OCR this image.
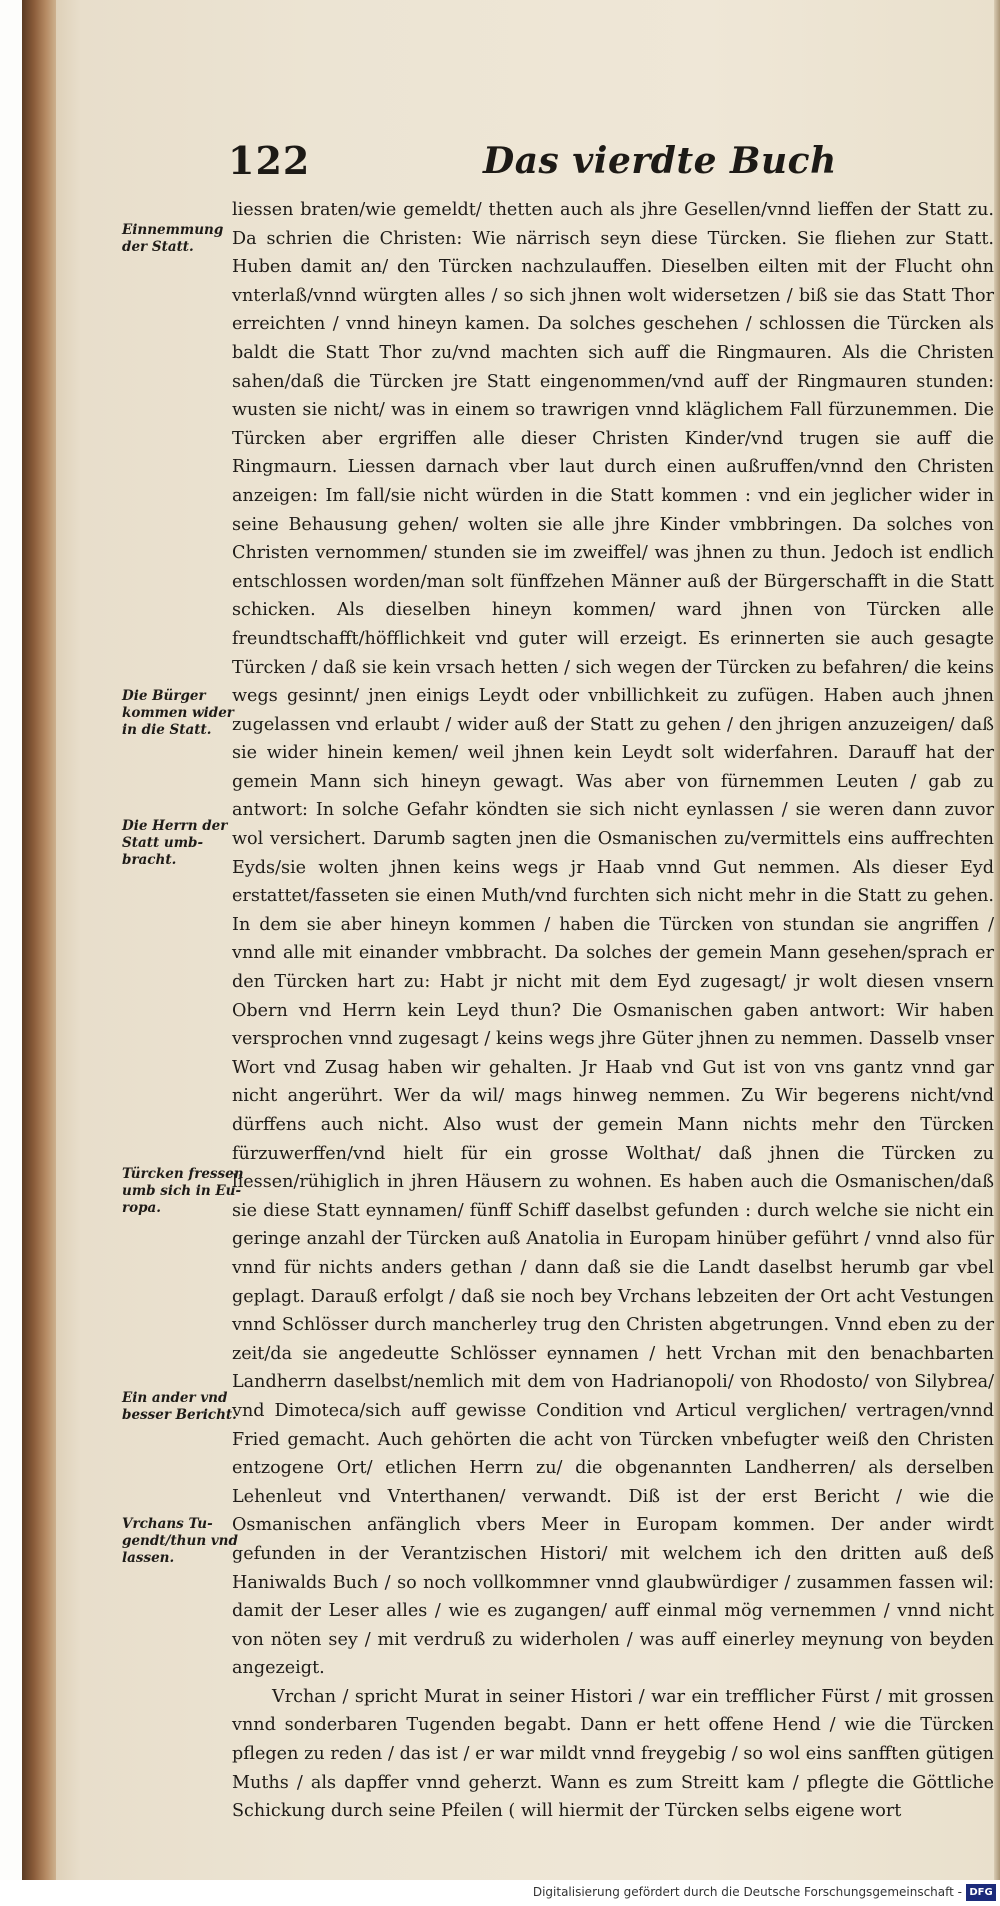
122	Das vierdte Buch
Einnemmung
der Statt.
Die Bürger
kommen wider
in die Statt.
Die Herrn der
Statt umb-
bracht.
Türcken fressen
umb sich in Eu-
ropa.
Ein ander vnd
besser Bericht.
Vrchans Tu-
gendt/thun vnd
lassen.

liessen braten/wie gemeldt/ thetten auch als jhre Gesellen/vnnd lieffen der Statt zu. Da schrien die Christen: Wie närrisch seyn diese Türcken. Sie fliehen zur Statt. Huben damit an/ den Türcken nachzulauffen. Dieselben eilten mit der Flucht ohn vnterlaß/vnnd würgten alles / so sich jhnen wolt widersetzen / biß sie das Statt Thor erreichten / vnnd hineyn kamen. Da solches geschehen / schlossen die Türcken als baldt die Statt Thor zu/vnd machten sich auff die Ringmauren. Als die Christen sahen/daß die Türcken jre Statt eingenommen/vnd auff der Ringmauren stunden: wusten sie nicht/ was in einem so trawrigen vnnd kläglichem Fall fürzunemmen. Die Türcken aber ergriffen alle dieser Christen Kinder/vnd trugen sie auff die Ringmaurn. Liessen darnach vber laut durch einen außruffen/vnnd den Christen anzeigen: Im fall/sie nicht würden in die Statt kommen : vnd ein jeglicher wider in seine Behausung gehen/ wolten sie alle jhre Kinder vmbbringen. Da solches von Christen vernommen/ stunden sie im zweiffel/ was jhnen zu thun. Jedoch ist endlich entschlossen worden/man solt fünffzehen Männer auß der Bürgerschafft in die Statt schicken. Als dieselben hineyn kommen/ ward jhnen von Türcken alle freundtschafft/höfflichkeit vnd guter will erzeigt. Es erinnerten sie auch gesagte Türcken / daß sie kein vrsach hetten / sich wegen der Türcken zu befahren/ die keins wegs gesinnt/ jnen einigs Leydt oder vnbillichkeit zu zufügen. Haben auch jhnen zugelassen vnd erlaubt / wider auß der Statt zu gehen / den jhrigen anzuzeigen/ daß sie wider hinein kemen/ weil jhnen kein Leydt solt widerfahren. Darauff hat der gemein Mann sich hineyn gewagt. Was aber von fürnemmen Leuten / gab zu antwort: In solche Gefahr köndten sie sich nicht eynlassen / sie weren dann zuvor wol versichert. Darumb sagten jnen die Osmanischen zu/vermittels eins auffrechten Eyds/sie wolten jhnen keins wegs jr Haab vnnd Gut nemmen. Als dieser Eyd erstattet/fasseten sie einen Muth/vnd furchten sich nicht mehr in die Statt zu gehen. In dem sie aber hineyn kommen / haben die Türcken von stundan sie angriffen / vnnd alle mit einander vmbbracht. Da solches der gemein Mann gesehen/sprach er den Türcken hart zu: Habt jr nicht mit dem Eyd zugesagt/ jr wolt diesen vnsern Obern vnd Herrn kein Leyd thun? Die Osmanischen gaben antwort: Wir haben versprochen vnnd zugesagt / keins wegs jhre Güter jhnen zu nemmen. Dasselb vnser Wort vnd Zusag haben wir gehalten. Jr Haab vnd Gut ist von vns gantz vnnd gar nicht angerührt. Wer da wil/ mags hinweg nemmen. Zu Wir begerens nicht/vnd dürffens auch nicht. Also wust der gemein Mann nichts mehr den Türcken fürzuwerffen/vnd hielt für ein grosse Wolthat/ daß jhnen die Türcken zu liessen/rühiglich in jhren Häusern zu wohnen. Es haben auch die Osmanischen/daß sie diese Statt eynnamen/ fünff Schiff daselbst gefunden : durch welche sie nicht ein geringe anzahl der Türcken auß Anatolia in Europam hinüber geführt / vnnd also für vnnd für nichts anders gethan / dann daß sie die Landt daselbst herumb gar vbel geplagt. Darauß erfolgt / daß sie noch bey Vrchans lebzeiten der Ort acht Vestungen vnnd Schlösser durch mancherley trug den Christen abgetrungen. Vnnd eben zu der zeit/da sie angedeutte Schlösser eynnamen / hett Vrchan mit den benachbarten Landherrn daselbst/nemlich mit dem von Hadrianopoli/ von Rhodosto/ von Silybrea/ vnd Dimoteca/sich auff gewisse Condition vnd Articul verglichen/ vertragen/vnnd Fried gemacht. Auch gehörten die acht von Türcken vnbefugter weiß den Christen entzogene Ort/ etlichen Herrn zu/ die obgenannten Landherren/ als derselben Lehenleut vnd Vnterthanen/ verwandt. Diß ist der erst Bericht / wie die Osmanischen anfänglich vbers Meer in Europam kommen. Der ander wirdt gefunden in der Verantzischen Histori/ mit welchem ich den dritten auß deß Haniwalds Buch / so noch vollkommner vnnd glaubwürdiger / zusammen fassen wil: damit der Leser alles / wie es zugangen/ auff einmal mög vernemmen / vnnd nicht von nöten sey / mit verdruß zu widerholen / was auff einerley meynung von beyden angezeigt.

Vrchan / spricht Murat in seiner Histori / war ein trefflicher Fürst / mit grossen vnnd sonderbaren Tugenden begabt. Dann er hett offene Hend / wie die Türcken pflegen zu reden / das ist / er war mildt vnnd freygebig / so wol eins sanfften gütigen Muths / als dapffer vnnd geherzt. Wann es zum Streitt kam / pflegte die Göttliche Schickung durch seine Pfeilen ( will hiermit der Türcken selbs eigene wort

Digitalisierung gefördert durch die Deutsche Forschungsgemeinschaft - DFG
